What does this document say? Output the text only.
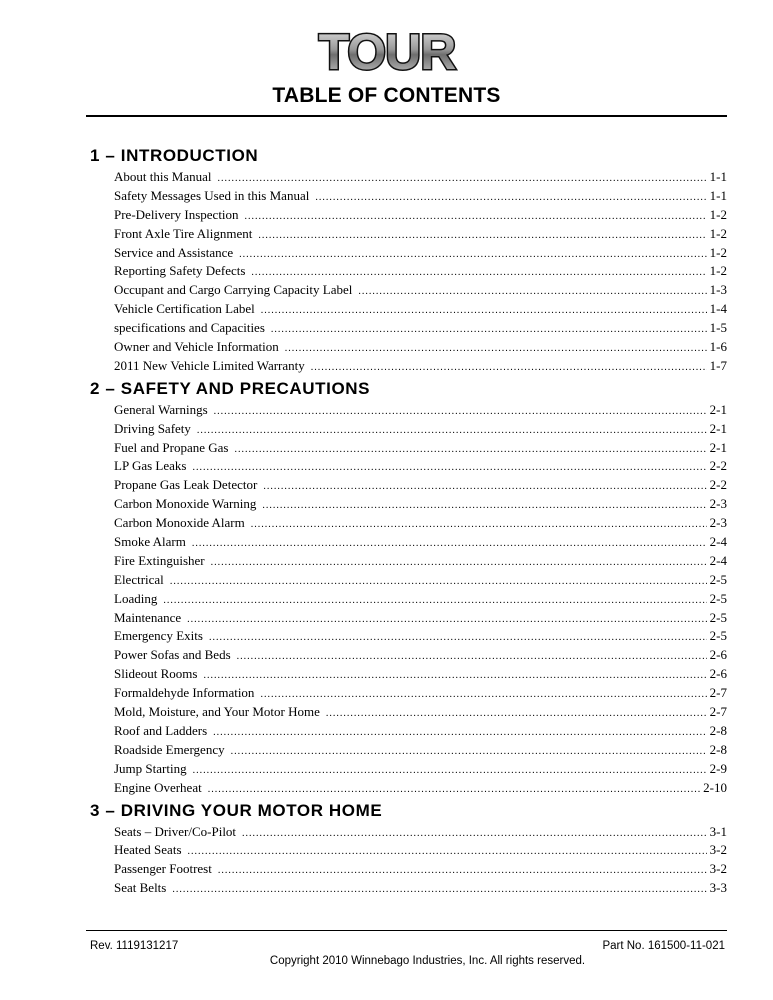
TOUR
TABLE OF CONTENTS
1 – INTRODUCTION
About this Manual .....	1-1
Safety Messages Used in this Manual .....	1-1
Pre-Delivery Inspection .....	1-2
Front Axle Tire Alignment .....	1-2
Service and Assistance .....	1-2
Reporting Safety Defects .....	1-2
Occupant and Cargo Carrying Capacity Label .....	1-3
Vehicle Certification Label .....	1-4
specifications and Capacities .....	1-5
Owner and Vehicle Information .....	1-6
2011 New Vehicle Limited Warranty .....	1-7
2 – SAFETY AND PRECAUTIONS
General Warnings .....	2-1
Driving Safety .....	2-1
Fuel and Propane Gas .....	2-1
LP Gas Leaks .....	2-2
Propane Gas Leak Detector .....	2-2
Carbon Monoxide Warning .....	2-3
Carbon Monoxide Alarm .....	2-3
Smoke Alarm .....	2-4
Fire Extinguisher .....	2-4
Electrical .....	2-5
Loading .....	2-5
Maintenance .....	2-5
Emergency Exits .....	2-5
Power Sofas and Beds .....	2-6
Slideout Rooms .....	2-6
Formaldehyde Information .....	2-7
Mold, Moisture, and Your Motor Home .....	2-7
Roof and Ladders .....	2-8
Roadside Emergency .....	2-8
Jump Starting .....	2-9
Engine Overheat .....	2-10
3 – DRIVING YOUR MOTOR HOME
Seats – Driver/Co-Pilot .....	3-1
Heated Seats .....	3-2
Passenger Footrest .....	3-2
Seat Belts .....	3-3
Rev. 1119131217	Part No. 161500-11-021
Copyright 2010 Winnebago Industries, Inc. All rights reserved.
